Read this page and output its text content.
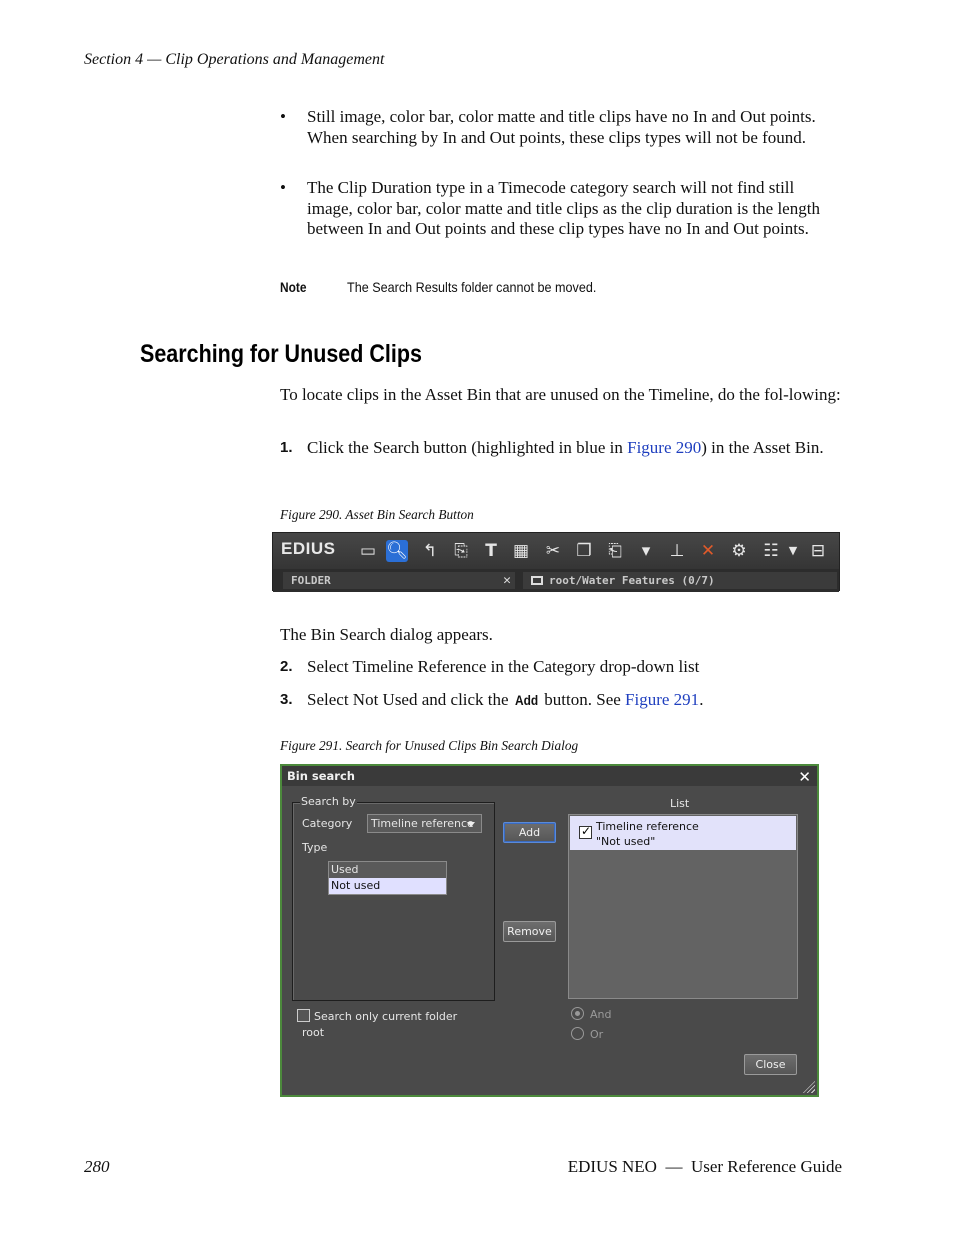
Section 4 — Clip Operations and Management
• Still image, color bar, color matte and title clips have no In and Out points. When searching by In and Out points, these clips types will not be found.
• The Clip Duration type in a Timecode category search will not find still image, color bar, color matte and title clips as the clip duration is the length between In and Out points and these clip types have no In and Out points.
Note	The Search Results folder cannot be moved.
Searching for Unused Clips
To locate clips in the Asset Bin that are unused on the Timeline, do the fol-lowing:
1. Click the Search button (highlighted in blue in Figure 290) in the Asset Bin.
Figure 290. Asset Bin Search Button
EDIUS ▭ 🔍︎ ↰ ⎘	T ▦ ✂ ❐ ⎗	▾	⊥ ✕ ⚙ ☷ ▼ ⊟
FOLDER	✕	root/Water Features (0/7)
The Bin Search dialog appears.
2. Select Timeline Reference in the Category drop-down list
3. Select Not Used and click the Add button. See Figure 291.
Figure 291. Search for Unused Clips Bin Search Dialog
Bin search	✕
Search by
Category	Timeline reference
Type
Used
Not used
Add
Remove
List
✓
Timeline reference
"Not used"
Search only current folder
root
And
Or
Close
280	EDIUS NEO  —  User Reference Guide
